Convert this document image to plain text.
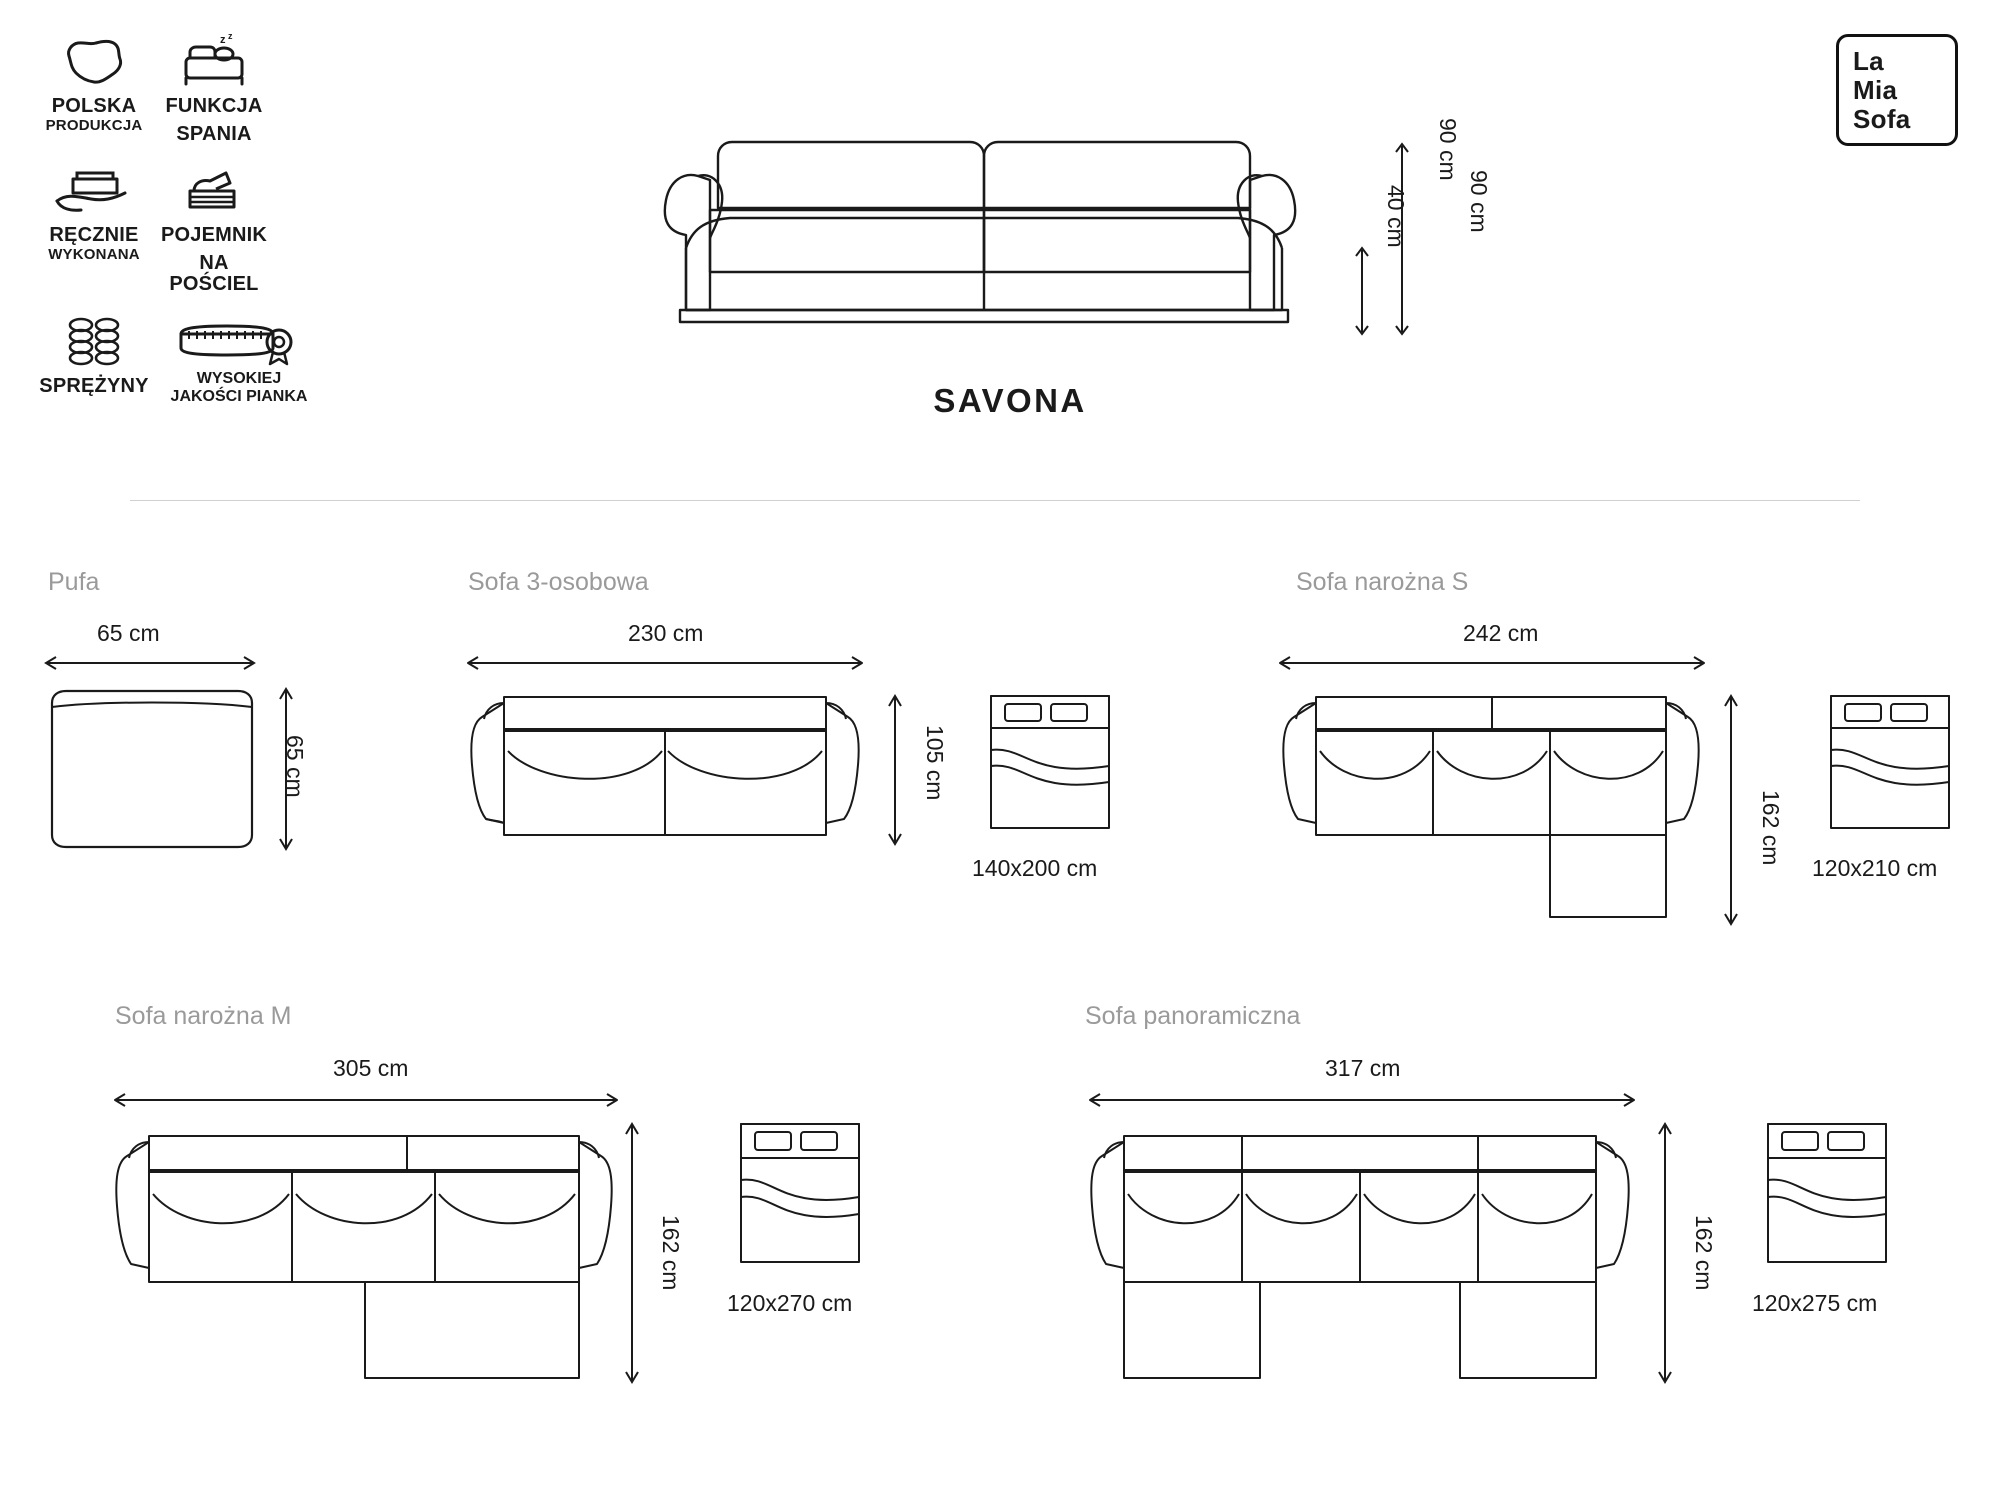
POLSKA
PRODUKCJA
z z
FUNKCJA
SPANIA
RĘCZNIE
WYKONANA
POJEMNIK
NA POŚCIEL
SPRĘŻYNY	WYSOKIEJ
JAKOŚCI PIANKA
La
Mia
Sofa
90 cm
90 cm
40 cm
SAVONA
Pufa
65 cm
65 cm
Sofa 3-osobowa
230 cm
105 cm
140x200 cm
Sofa narożna S
242 cm
162 cm
120x210 cm
Sofa narożna M
305 cm
162 cm
120x270 cm
Sofa panoramiczna
317 cm
162 cm
120x275 cm
